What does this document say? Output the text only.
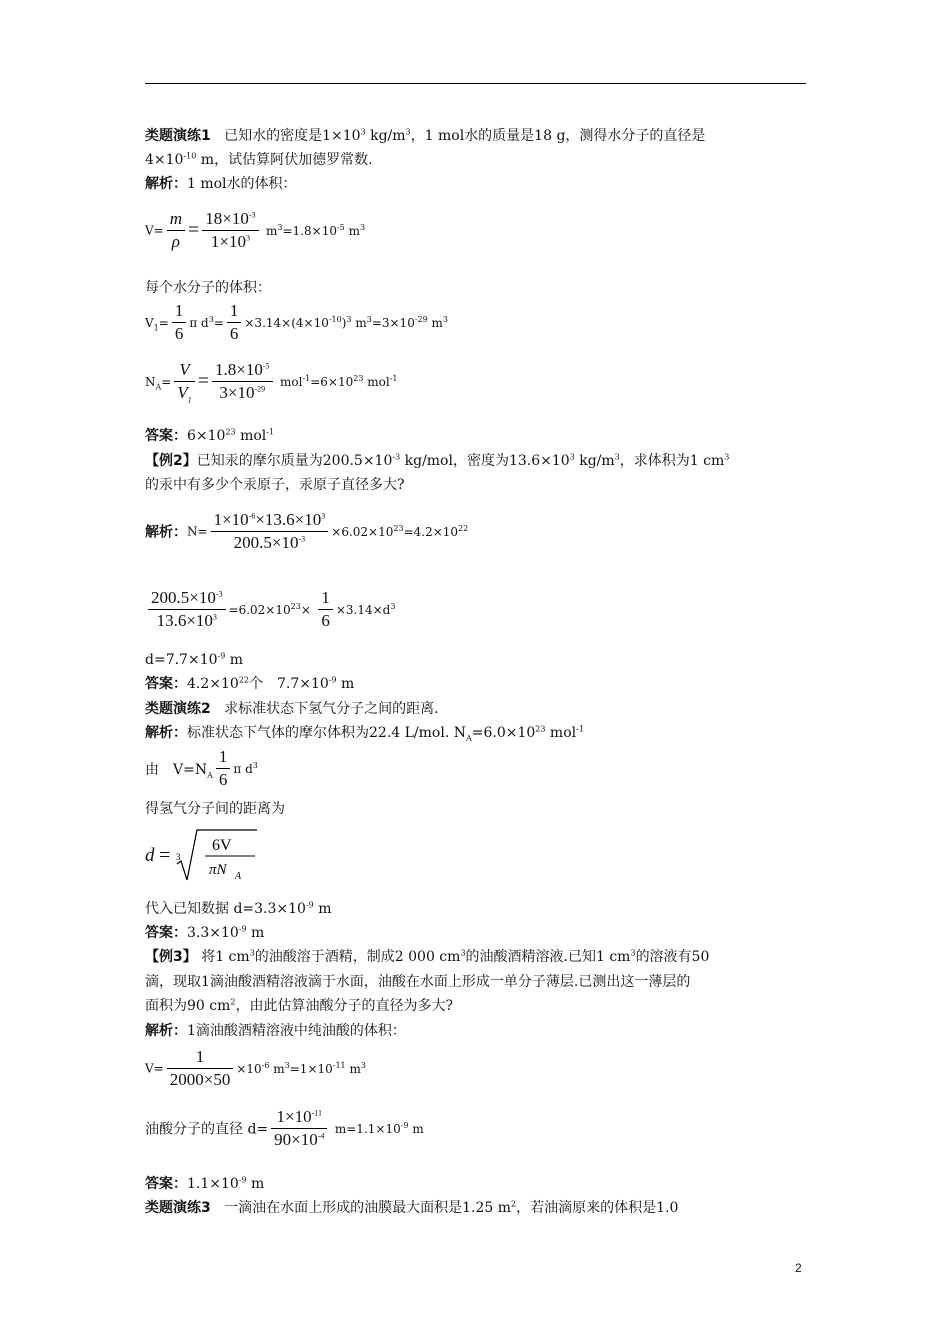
类题演练1 已知水的密度是$1\times 10^3$ $kg/m^3$，1 mol水的质量是18 g，测得水分子的直径是
$4\times 10^{-10}$ m，试估算阿伏加德罗常数.
解析：1 mol水的体积：
$V= \frac{m}{\rho} = \frac{18\times 10^{-3}}{1\times 10^3} m^3=1.8\times 10^{-5}$ $m^3$
每个水分子的体积：
$V_1= \frac{1}{6}$ π $d^3= \frac{1}{6} \times 3.14\times(4\times 10^{-10})^3$ $m^3=3\times 10^{-29}$ $m^3$
$N_A= \frac{V}{V_1} = \frac{1.8\times 10^{-5}}{3\times 10^{-29}} mol^{-1}=6\times 10^{23}$ mol$^{-1}$
答案：$6\times 10^{23}$ mol$^{-1}$
【例2】已知汞的摩尔质量为$200.5\times 10^{-3}$ kg/mol，密度为$13.6\times 10^3$ $kg/m^3$，求体积为1 $cm^3$
的汞中有多少个汞原子，汞原子直径多大?
解析：$N= \frac{1\times 10^{-6}\times 13.6\times 10^3}{200.5\times 10^{-3}} \times 6.02\times 10^{23}=4.2\times 10^{22}$
$\frac{200.5\times 10^{-3}}{13.6\times 10^3} =6.02\times 10^{23}\times \frac{1}{6} \times 3.14\times d^3$
$d=7.7\times 10^{-9}$ m
答案：$4.2\times 10^{22}$个　$7.7\times 10^{-9}$ m
类题演练2 求标准状态下氢气分子之间的距离.
解析：标准状态下气体的摩尔体积为22.4 L/mol. $N_A=6.0\times 10^{23}$ mol$^{-1}$
由　$V=N_A \frac{1}{6}$ π $d^3$
得氢气分子间的距离为
d = 3
6V
πN A
代入已知数据 $d=3.3\times 10^{-9}$ m
答案：$3.3\times 10^{-9}$ m
【例3】 将1 $cm^3$的油酸溶于酒精，制成2 000 $cm^3$的油酸酒精溶液.已知1 $cm^3$的溶液有50
滴，现取1滴油酸酒精溶液滴于水面，油酸在水面上形成一单分子薄层.已测出这一薄层的
面积为90 $cm^2$，由此估算油酸分子的直径为多大?
解析：1滴油酸酒精溶液中纯油酸的体积：
$V= \frac{1}{2000\times 50} \times 10^{-6}$ $m^3=1\times 10^{-11}$ $m^3$
油酸分子的直径 $d= \frac{1\times 10^{-11}}{90\times 10^{-4}} m=1.1\times 10^{-9}$ m
答案：$1.1\times 10^{-9}$ m
类题演练3 一滴油在水面上形成的油膜最大面积是1.25 $m^2$，若油滴原来的体积是1.0
2
